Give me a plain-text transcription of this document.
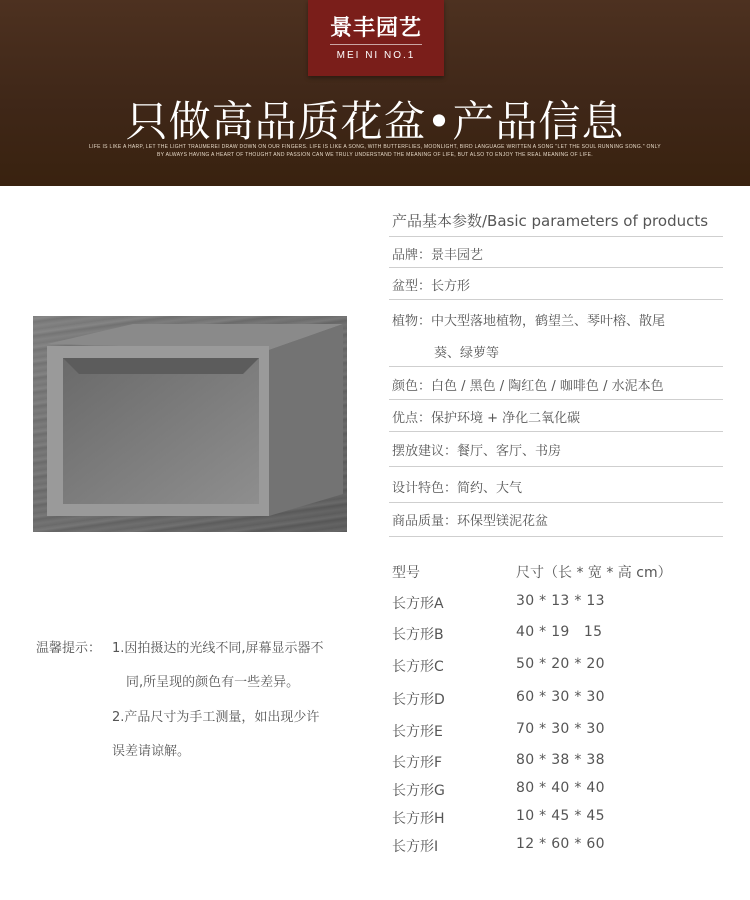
景丰园艺
MEI NI NO.1
只做高品质花盆•产品信息
LIFE IS LIKE A HARP, LET THE LIGHT TRAUMEREI DRAW DOWN ON OUR FINGERS. LIFE IS LIKE A SONG, WITH BUTTERFLIES, MOONLIGHT, BIRD LANGUAGE WRITTEN A SONG "LET THE SOUL RUNNING SONG." ONLY
BY ALWAYS HAVING A HEART OF THOUGHT AND PASSION CAN WE TRULY UNDERSTAND THE MEANING OF LIFE, BUT ALSO TO ENJOY THE REAL MEANING OF LIFE.
产品基本参数/Basic parameters of products
品牌：景丰园艺
盆型：长方形
植物：中大型落地植物，鹤望兰、琴叶榕、散尾
葵、绿萝等
颜色：白色 / 黑色 / 陶红色 / 咖啡色 / 水泥本色
优点：保护环境 + 净化二氧化碳
摆放建议：餐厅、客厅、书房
设计特色：简约、大气
商品质量：环保型镁泥花盆
型号	尺寸（长 * 宽 * 高 cm）
长方形A	30 * 13 * 13
长方形B	40 * 19   15
长方形C	50 * 20 * 20
长方形D	60 * 30 * 30
长方形E	70 * 30 * 30
长方形F	80 * 38 * 38
长方形G	80 * 40 * 40
长方形H	10 * 45 * 45
长方形I	12 * 60 * 60
温馨提示： 1.因拍摄达的光线不同,屏幕显示器不
同,所呈现的颜色有一些差异。
2.产品尺寸为手工测量，如出现少许
误差请谅解。
